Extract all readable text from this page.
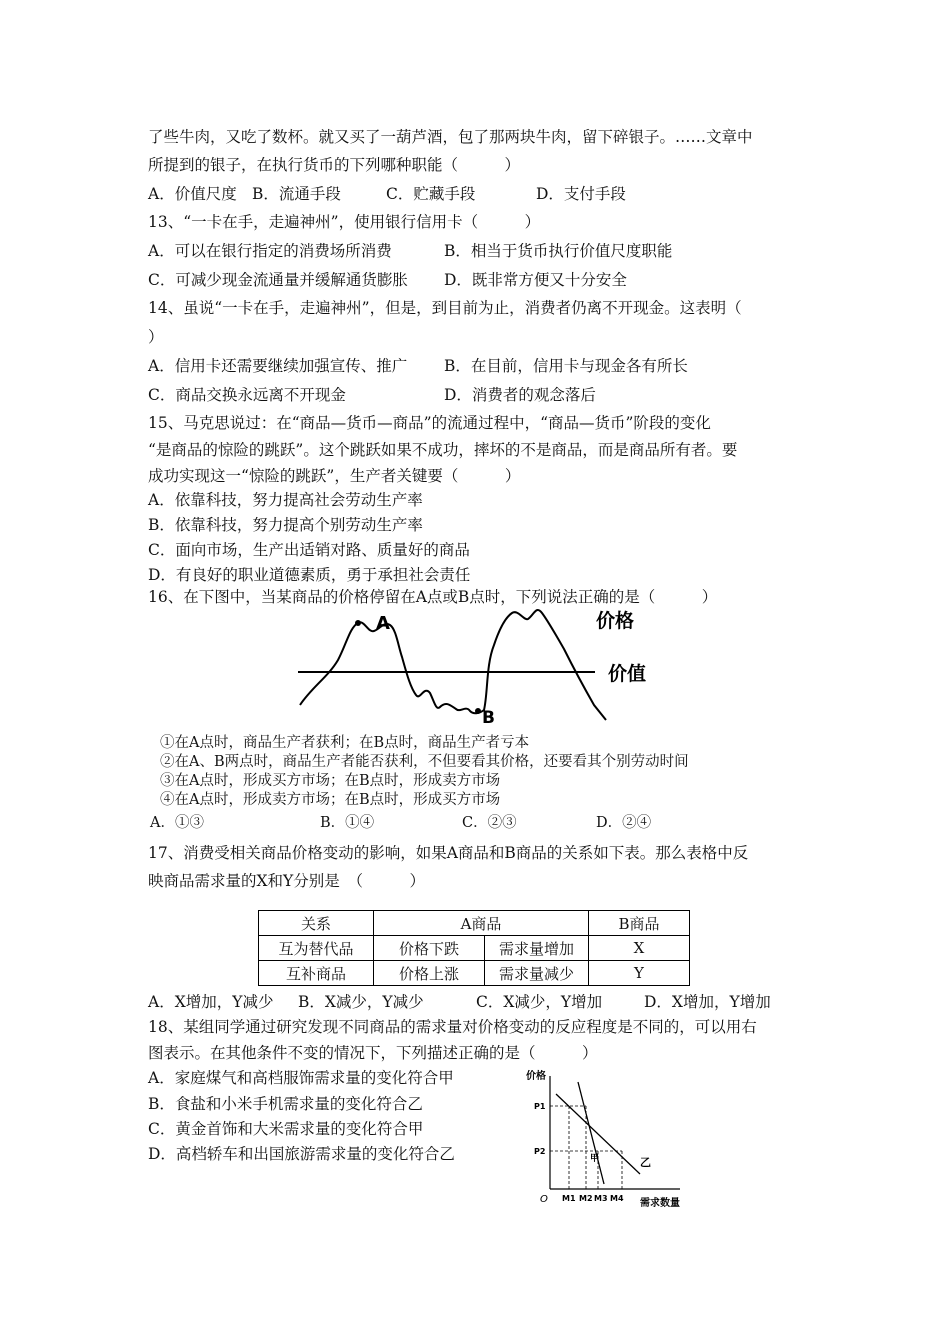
了些牛肉，又吃了数杯。就又买了一葫芦酒，包了那两块牛肉，留下碎银子。……文章中
所提到的银子，在执行货币的下列哪种职能（　　　）
A．价值尺度 B．流通手段	C．贮藏手段	D．支付手段
13、“一卡在手，走遍神州”，使用银行信用卡（　　　）
A．可以在银行指定的消费场所消费	B．相当于货币执行价值尺度职能
C．可减少现金流通量并缓解通货膨胀 D．既非常方便又十分安全
14、虽说“一卡在手，走遍神州”，但是，到目前为止，消费者仍离不开现金。这表明（
）
A．信用卡还需要继续加强宣传、推广 B．在目前，信用卡与现金各有所长
C．商品交换永远离不开现金	D．消费者的观念落后
15、马克思说过：在“商品—货币—商品”的流通过程中，“商品—货币”阶段的变化
“是商品的惊险的跳跃”。这个跳跃如果不成功，摔坏的不是商品，而是商品所有者。要
成功实现这一“惊险的跳跃”，生产者关键要（　　　）
A．依靠科技，努力提高社会劳动生产率
B．依靠科技，努力提高个别劳动生产率
C．面向市场，生产出适销对路、质量好的商品
D．有良好的职业道德素质，勇于承担社会责任
16、在下图中，当某商品的价格停留在A点或B点时，下列说法正确的是（　　　）
A
B
价格
价值
①在A点时，商品生产者获利；在B点时，商品生产者亏本
②在A、B两点时，商品生产者能否获利，不但要看其价格，还要看其个别劳动时间
③在A点时，形成买方市场；在B点时，形成卖方市场
④在A点时，形成卖方市场；在B点时，形成买方市场
A．①③	B．①④	C．②③	D．②④
17、消费受相关商品价格变动的影响，如果A商品和B商品的关系如下表。那么表格中反
映商品需求量的X和Y分别是　（　　　）
关系	A商品		B商品
互为替代品	价格下跌	需求量增加	X
互补商品	价格上涨	需求量减少	Y
A．X增加，Y减少 B．X减少，Y减少	C．X减少，Y增加	D．X增加，Y增加
18、某组同学通过研究发现不同商品的需求量对价格变动的反应程度是不同的，可以用右
图表示。在其他条件不变的情况下，下列描述正确的是（　　　）
A．家庭煤气和高档服饰需求量的变化符合甲
B．食盐和小米手机需求量的变化符合乙
C．黄金首饰和大米需求量的变化符合甲
D．高档轿车和出国旅游需求量的变化符合乙
价格
需求数量
O
P1
P2
甲	乙
M1 M2 M3 M4
